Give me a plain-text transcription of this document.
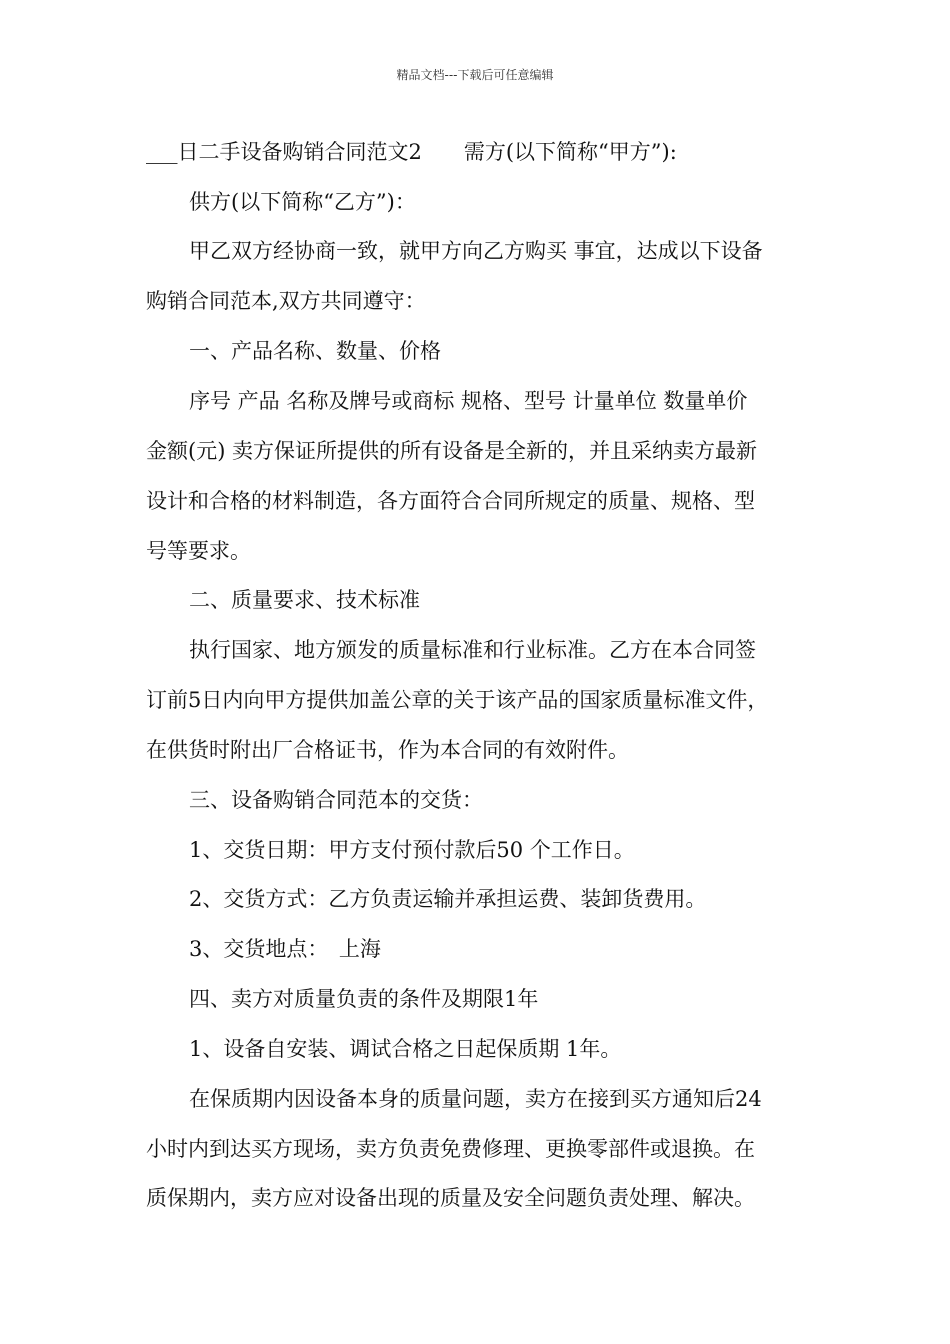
精品文档---下载后可任意编辑
___日二手设备购销合同范文2　　需方(以下简称“甲方”):
供方(以下简称“乙方”)：
甲乙双方经协商一致，就甲方向乙方购买 事宜，达成以下设备
购销合同范本,双方共同遵守：
一、产品名称、数量、价格
序号 产品 名称及牌号或商标 规格、型号 计量单位 数量单价
金额(元) 卖方保证所提供的所有设备是全新的，并且采纳卖方最新
设计和合格的材料制造，各方面符合合同所规定的质量、规格、型
号等要求。
二、质量要求、技术标准
执行国家、地方颁发的质量标准和行业标准。乙方在本合同签
订前5日内向甲方提供加盖公章的关于该产品的国家质量标准文件，
在供货时附出厂合格证书，作为本合同的有效附件。
三、设备购销合同范本的交货：
1、交货日期：甲方支付预付款后50 个工作日。
2、交货方式：乙方负责运输并承担运费、装卸货费用。
3、交货地点：　上海
四、卖方对质量负责的条件及期限1年
1、设备自安装、调试合格之日起保质期 1年。
在保质期内因设备本身的质量问题，卖方在接到买方通知后24
小时内到达买方现场，卖方负责免费修理、更换零部件或退换。在
质保期内，卖方应对设备出现的质量及安全问题负责处理、解决。
